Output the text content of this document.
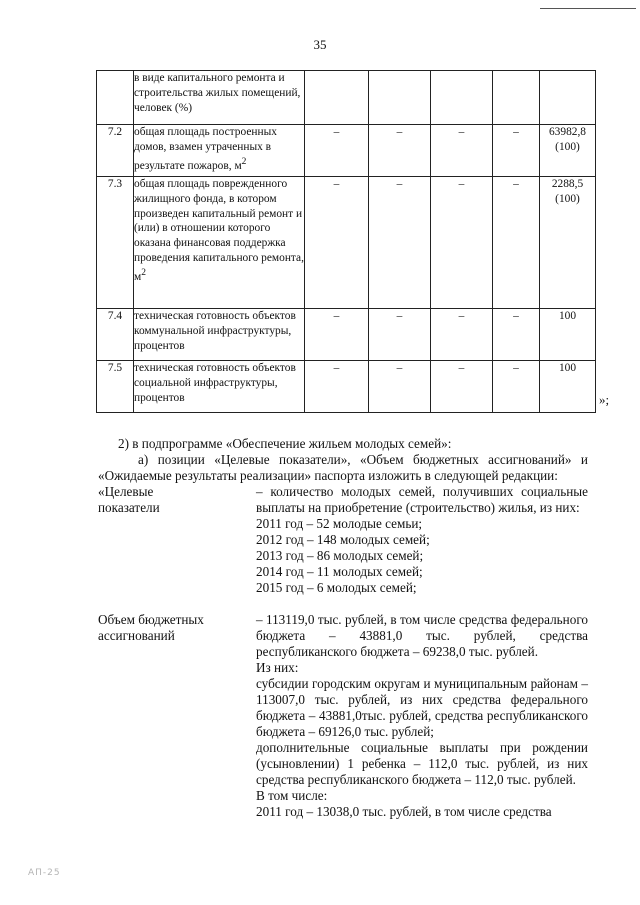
35
	в виде капитального ремонта и строительства жилых помещений, человек (%)					

7.2	общая площадь построенных домов, взамен утраченных в результате пожаров, $м^2$	–	–	–	–	63982,8
(100)

7.3	общая площадь поврежденного жилищного фонда, в котором произведен капитальный ремонт и (или) в отношении которого оказана финансовая поддержка проведения капитального ремонта, $м^2$	–	–	–	–	2288,5
(100)

7.4	техническая готовность объектов коммунальной инфраструктуры, процентов	–	–	–	–	100

7.5	техническая готовность объектов социальной инфраструктуры, процентов	–	–	–	–	100
»;
2) в подпрограмме «Обеспечение жильем молодых семей»:
а) позиции «Целевые показатели», «Объем бюджетных ассигнований» и «Ожидаемые результаты реализации» паспорта изложить в следующей редакции:
«Целевые
показатели
– количество молодых семей, получивших социальные выплаты на приобретение (строительство) жилья, из них:
2011 год – 52 молодые семьи;
2012 год – 148 молодых семей;
2013 год – 86 молодых семей;
2014 год – 11 молодых семей;
2015 год – 6 молодых семей;
Объем бюджетных
ассигнований
– 113119,0 тыс. рублей, в том числе средства федерального бюджета – 43881,0 тыс. рублей, средства республиканского бюджета – 69238,0 тыс. рублей.
Из них:
субсидии городским округам и муниципальным районам – 113007,0 тыс. рублей, из них средства федерального бюджета – 43881,0тыс. рублей, средства республиканского бюджета – 69126,0 тыс. рублей;
дополнительные социальные выплаты при рождении (усыновлении) 1 ребенка – 112,0 тыс. рублей, из них средства республиканского бюджета – 112,0 тыс. рублей.
В том числе:
2011 год – 13038,0 тыс. рублей, в том числе средства
АП-25
